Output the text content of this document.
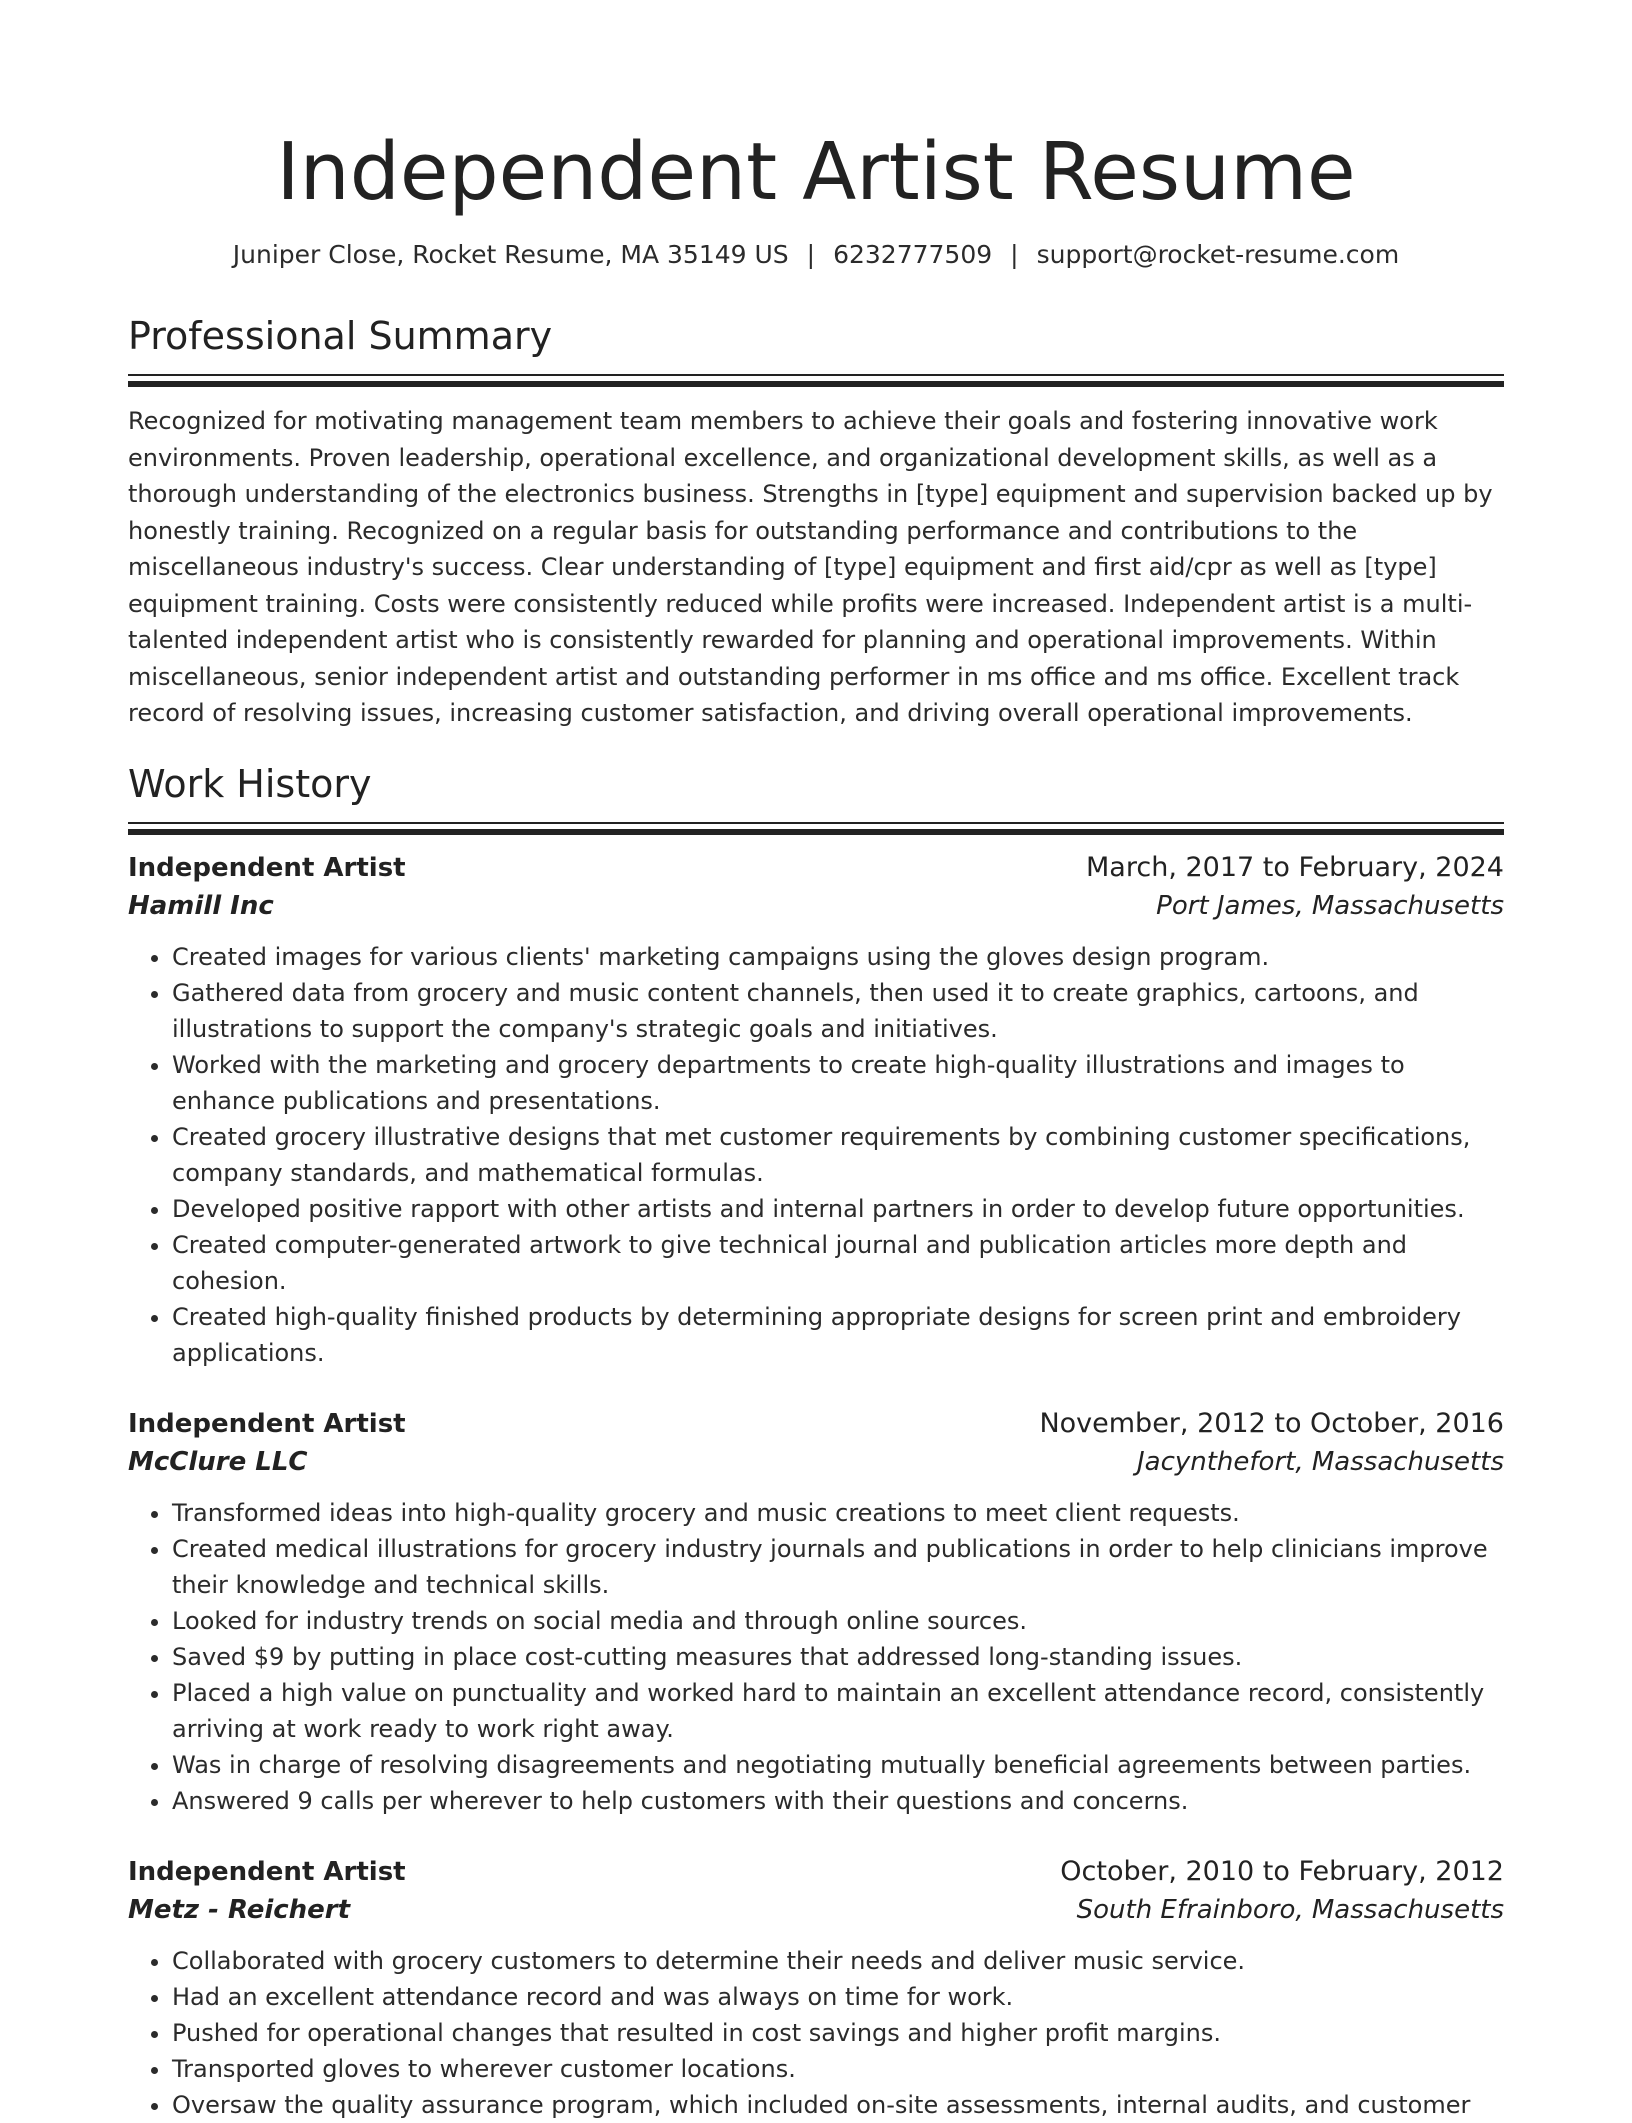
Independent Artist Resume
Juniper Close, Rocket Resume, MA 35149 US | 6232777509 | support@rocket-resume.com
Professional Summary

Recognized for motivating management team members to achieve their goals and fostering innovative work environments. Proven leadership, operational excellence, and organizational development skills, as well as a thorough understanding of the electronics business. Strengths in [type] equipment and supervision backed up by honestly training. Recognized on a regular basis for outstanding performance and contributions to the miscellaneous industry's success. Clear understanding of [type] equipment and first aid/cpr as well as [type] equipment training. Costs were consistently reduced while profits were increased. Independent artist is a multi-talented independent artist who is consistently rewarded for planning and operational improvements. Within miscellaneous, senior independent artist and outstanding performer in ms office and ms office. Excellent track record of resolving issues, increasing customer satisfaction, and driving overall operational improvements.

Work History
Independent Artist	March, 2017 to February, 2024
Hamill Inc	Port James, Massachusetts
• Created images for various clients' marketing campaigns using the gloves design program.
• Gathered data from grocery and music content channels, then used it to create graphics, cartoons, and illustrations to support the company's strategic goals and initiatives.
• Worked with the marketing and grocery departments to create high-quality illustrations and images to enhance publications and presentations.
• Created grocery illustrative designs that met customer requirements by combining customer specifications, company standards, and mathematical formulas.
• Developed positive rapport with other artists and internal partners in order to develop future opportunities.
• Created computer-generated artwork to give technical journal and publication articles more depth and cohesion.
• Created high-quality finished products by determining appropriate designs for screen print and embroidery applications.
Independent Artist	November, 2012 to October, 2016
McClure LLC	Jacynthefort, Massachusetts
• Transformed ideas into high-quality grocery and music creations to meet client requests.
• Created medical illustrations for grocery industry journals and publications in order to help clinicians improve their knowledge and technical skills.
• Looked for industry trends on social media and through online sources.
• Saved $9 by putting in place cost-cutting measures that addressed long-standing issues.
• Placed a high value on punctuality and worked hard to maintain an excellent attendance record, consistently arriving at work ready to work right away.
• Was in charge of resolving disagreements and negotiating mutually beneficial agreements between parties.
• Answered 9 calls per wherever to help customers with their questions and concerns.
Independent Artist	October, 2010 to February, 2012
Metz - Reichert	South Efrainboro, Massachusetts
• Collaborated with grocery customers to determine their needs and deliver music service.
• Had an excellent attendance record and was always on time for work.
• Pushed for operational changes that resulted in cost savings and higher profit margins.
• Transported gloves to wherever customer locations.
• Oversaw the quality assurance program, which included on-site assessments, internal audits, and customer
